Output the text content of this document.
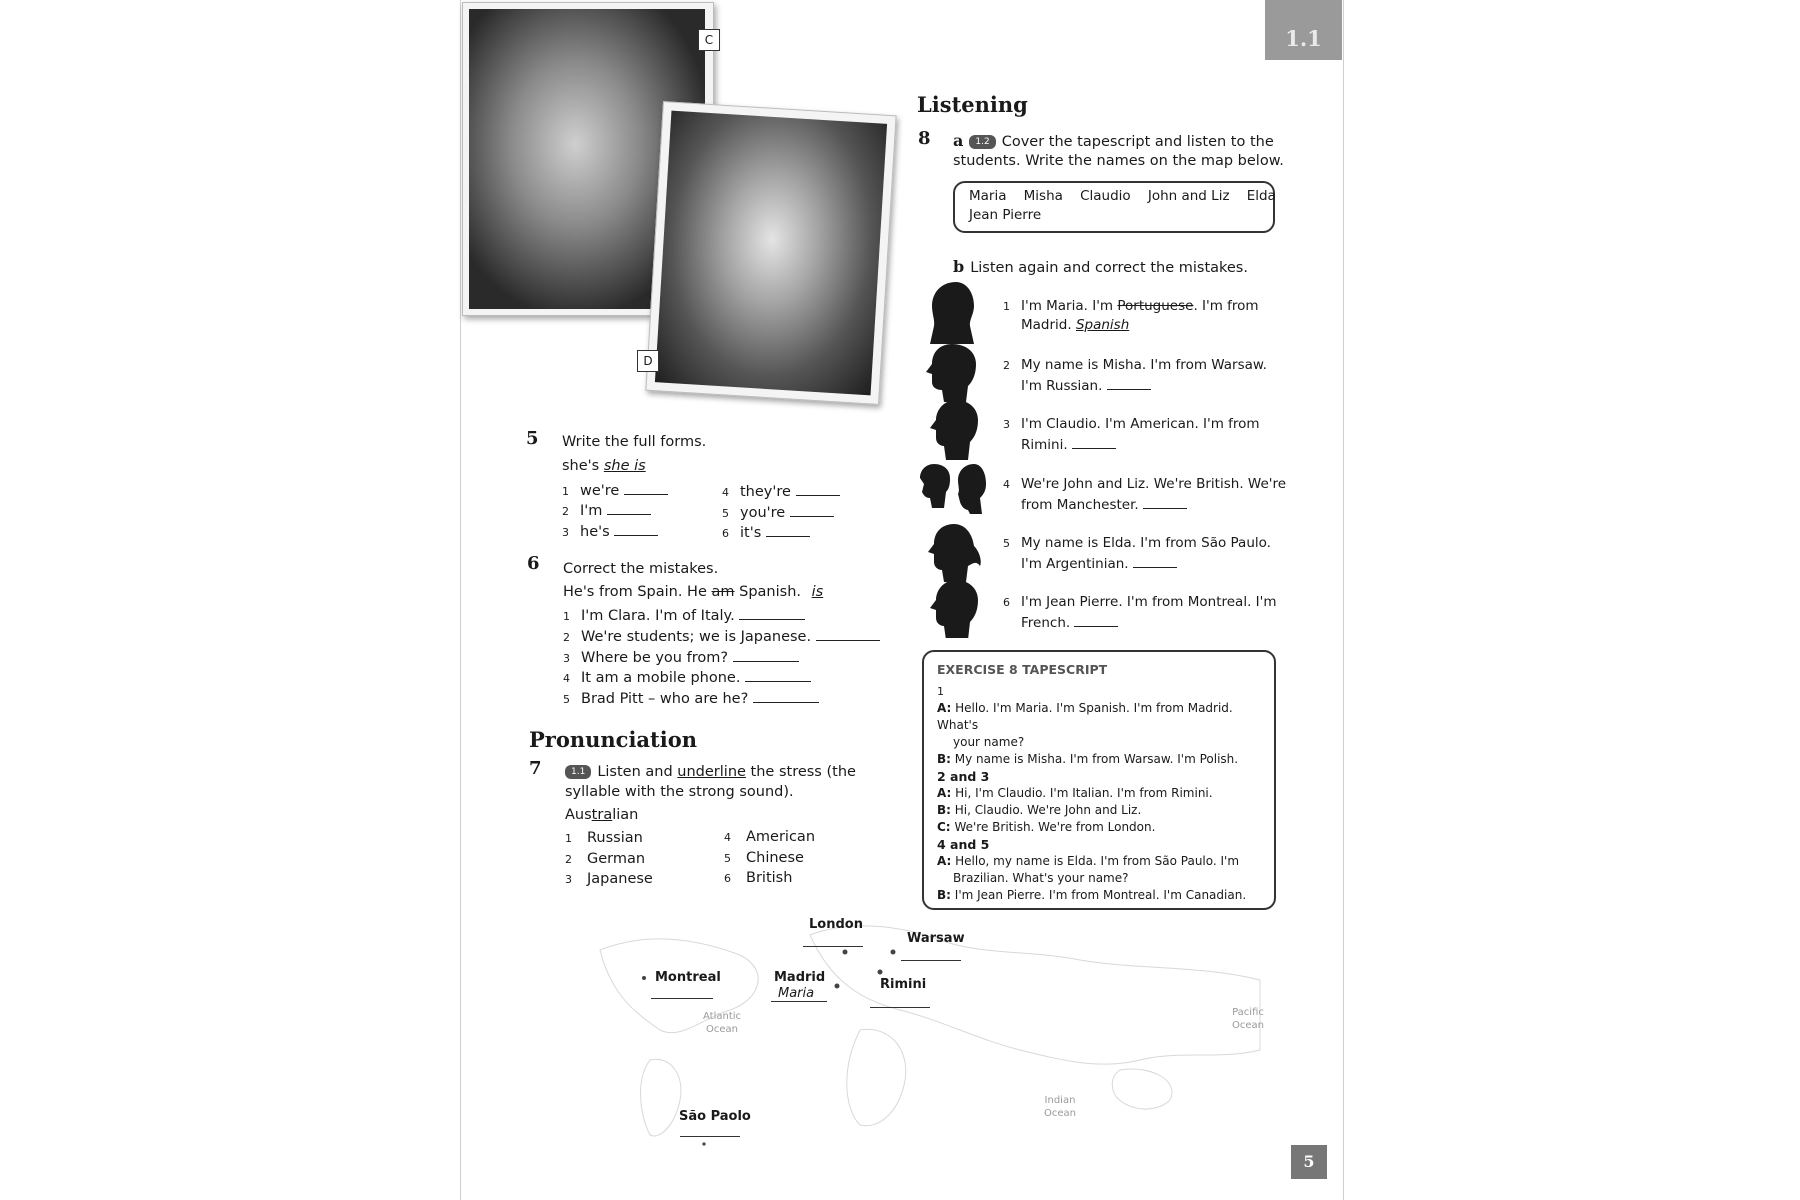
1.1
C
D
5 Write the full forms.
she's she is
1 we're
2 I'm
3 he's
4 they're
5 you're
6 it's
6 Correct the mistakes.
He's from Spain. He am Spanish. is
1 I'm Clara. I'm of Italy.
2 We're students; we is Japanese.
3 Where be you from?
4 It am a mobile phone.
5 Brad Pitt – who are he?
Pronunciation
7	1.1 Listen and underline the stress (the
syllable with the strong sound).
Australian
1 Russian
2 German
3 Japanese
4 American
5 Chinese
6 British
Listening
8 a 1.2 Cover the tapescript and listen to the
students. Write the names on the map below.
Maria    Misha    Claudio    John and Liz    Elda
Jean Pierre
b Listen again and correct the mistakes.
1 I'm Maria. I'm Portuguese. I'm from
Madrid. Spanish
2 My name is Misha. I'm from Warsaw.
I'm Russian.
3 I'm Claudio. I'm American. I'm from
Rimini.
4 We're John and Liz. We're British. We're
from Manchester.
5 My name is Elda. I'm from São Paulo.
I'm Argentinian.
6 I'm Jean Pierre. I'm from Montreal. I'm
French.
EXERCISE 8 TAPESCRIPT
1
A: Hello. I'm Maria. I'm Spanish. I'm from Madrid. What's
your name?
B: My name is Misha. I'm from Warsaw. I'm Polish.
2 and 3
A: Hi, I'm Claudio. I'm Italian. I'm from Rimini.
B: Hi, Claudio. We're John and Liz.
C: We're British. We're from London.
4 and 5
A: Hello, my name is Elda. I'm from São Paulo. I'm
Brazilian. What's your name?
B: I'm Jean Pierre. I'm from Montreal. I'm Canadian.
London
Warsaw
Montreal	Madrid
Maria
Rimini
São Paolo
Atlantic
Ocean
Pacific
Ocean
Indian
Ocean
5
